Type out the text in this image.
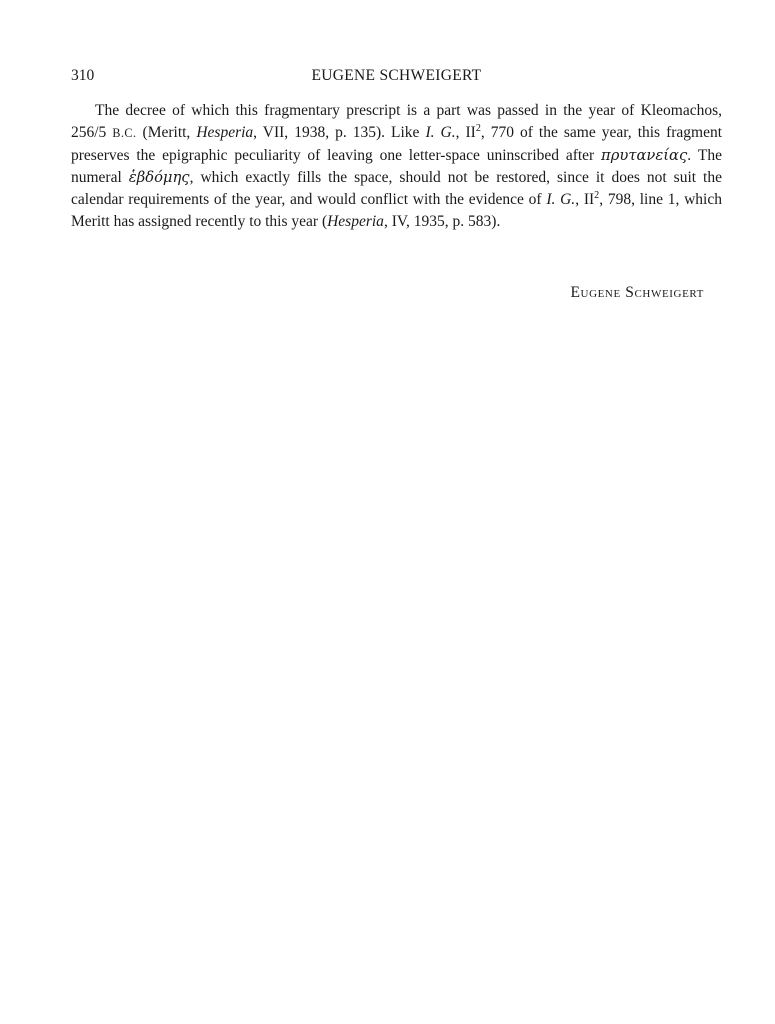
310	EUGENE SCHWEIGERT

The decree of which this fragmentary prescript is a part was passed in the year of Kleomachos, 256/5 B.C. (Meritt, Hesperia, VII, 1938, p. 135). Like I. G., $II^2$, 770 of the same year, this fragment preserves the epigraphic peculiarity of leaving one letter-space uninscribed after πρυτανείας. The numeral ἑβδόμης, which exactly fills the space, should not be restored, since it does not suit the calendar requirements of the year, and would conflict with the evidence of I. G., $II^2$, 798, line 1, which Meritt has assigned recently to this year (Hesperia, IV, 1935, p. 583).

Eugene Schweigert
